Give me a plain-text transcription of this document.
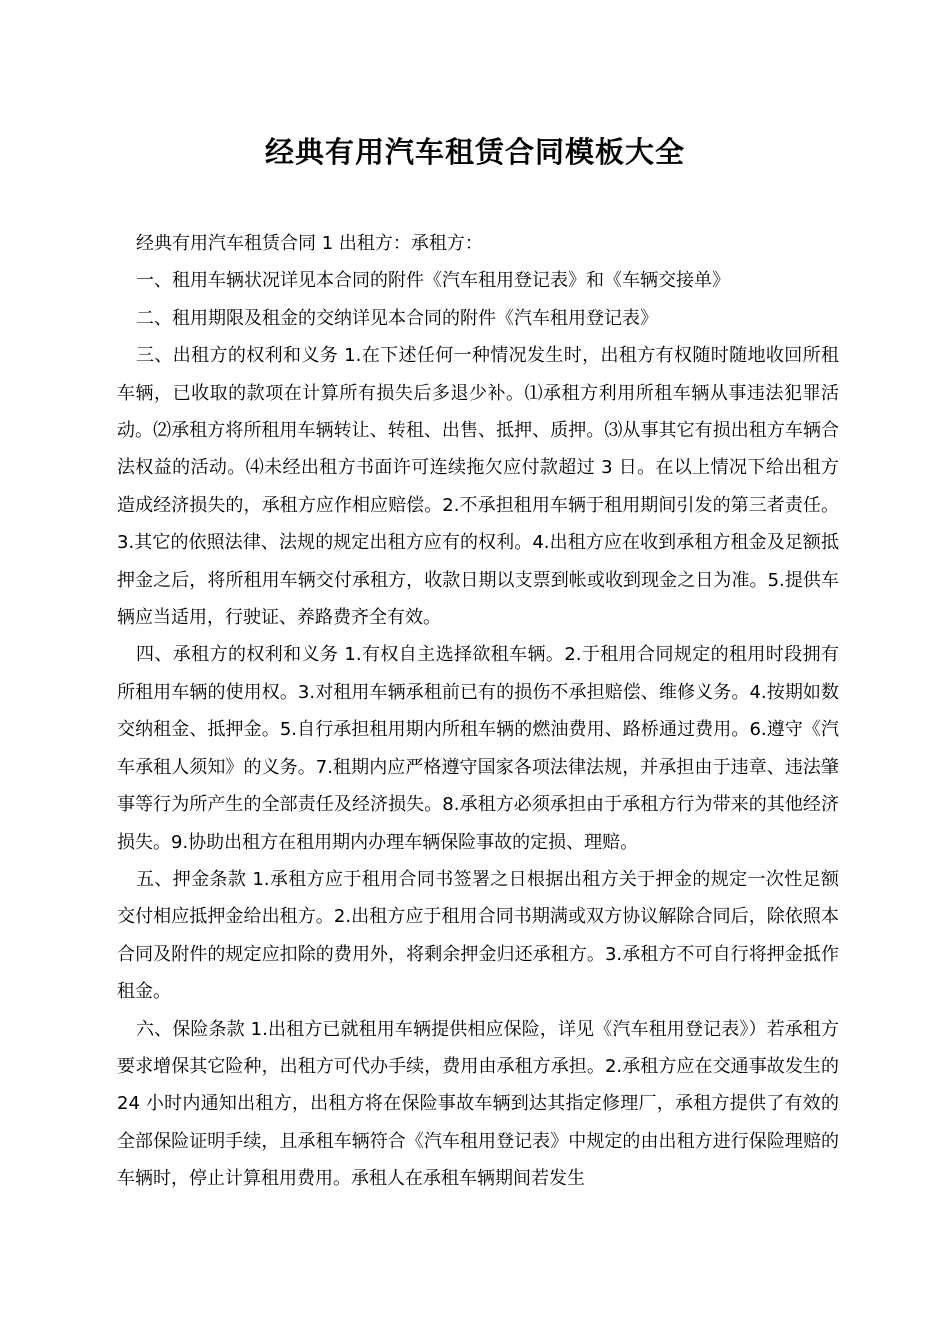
经典有用汽车租赁合同模板大全

经典有用汽车租赁合同 1 出租方：承租方：

一、租用车辆状况详见本合同的附件《汽车租用登记表》和《车辆交接单》

二、租用期限及租金的交纳详见本合同的附件《汽车租用登记表》

三、出租方的权利和义务 1.在下述任何一种情况发生时，出租方有权随时随地收回所租车辆，已收取的款项在计算所有损失后多退少补。⑴承租方利用所租车辆从事违法犯罪活动。⑵承租方将所租用车辆转让、转租、出售、抵押、质押。⑶从事其它有损出租方车辆合法权益的活动。⑷未经出租方书面许可连续拖欠应付款超过 3 日。在以上情况下给出租方造成经济损失的，承租方应作相应赔偿。2.不承担租用车辆于租用期间引发的第三者责任。3.其它的依照法律、法规的规定出租方应有的权利。4.出租方应在收到承租方租金及足额抵押金之后，将所租用车辆交付承租方，收款日期以支票到帐或收到现金之日为准。5.提供车辆应当适用，行驶证、养路费齐全有效。

四、承租方的权利和义务 1.有权自主选择欲租车辆。2.于租用合同规定的租用时段拥有所租用车辆的使用权。3.对租用车辆承租前已有的损伤不承担赔偿、维修义务。4.按期如数交纳租金、抵押金。5.自行承担租用期内所租车辆的燃油费用、路桥通过费用。6.遵守《汽车承租人须知》的义务。7.租期内应严格遵守国家各项法律法规，并承担由于违章、违法肇事等行为所产生的全部责任及经济损失。8.承租方必须承担由于承租方行为带来的其他经济损失。9.协助出租方在租用期内办理车辆保险事故的定损、理赔。

五、押金条款 1.承租方应于租用合同书签署之日根据出租方关于押金的规定一次性足额交付相应抵押金给出租方。2.出租方应于租用合同书期满或双方协议解除合同后，除依照本合同及附件的规定应扣除的费用外，将剩余押金归还承租方。3.承租方不可自行将押金抵作租金。

六、保险条款 1.出租方已就租用车辆提供相应保险，详见《汽车租用登记表》）若承租方要求增保其它险种，出租方可代办手续，费用由承租方承担。2.承租方应在交通事故发生的 24 小时内通知出租方，出租方将在保险事故车辆到达其指定修理厂，承租方提供了有效的全部保险证明手续，且承租车辆符合《汽车租用登记表》中规定的由出租方进行保险理赔的车辆时，停止计算租用费用。承租人在承租车辆期间若发生
